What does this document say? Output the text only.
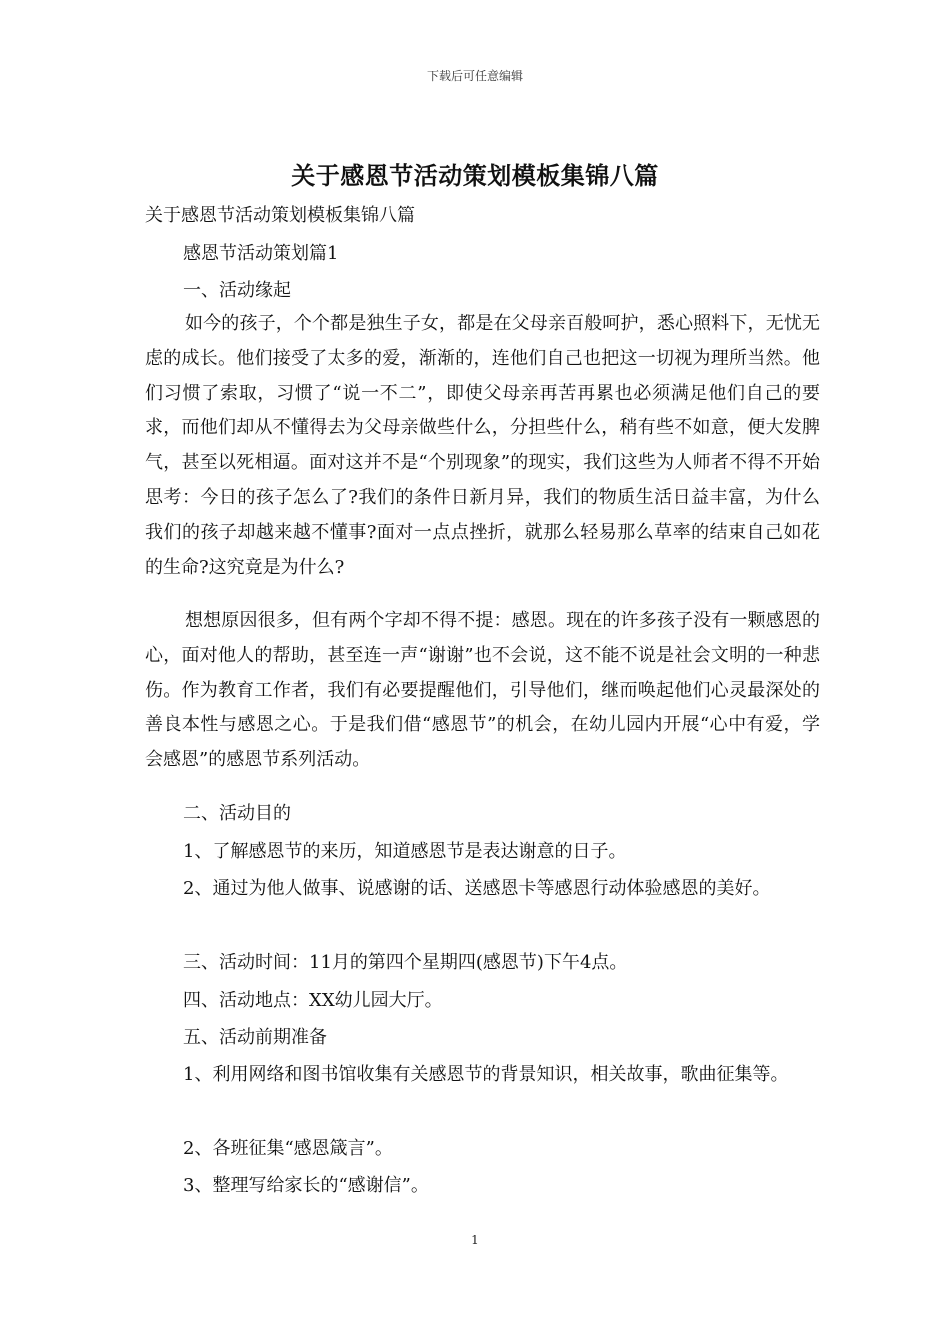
下载后可任意编辑
关于感恩节活动策划模板集锦八篇
关于感恩节活动策划模板集锦八篇
感恩节活动策划篇1
一、活动缘起

如今的孩子，个个都是独生子女，都是在父母亲百般呵护，悉心照料下，无忧无虑的成长。他们接受了太多的爱，渐渐的，连他们自己也把这一切视为理所当然。他们习惯了索取，习惯了“说一不二”，即使父母亲再苦再累也必须满足他们自己的要求，而他们却从不懂得去为父母亲做些什么，分担些什么，稍有些不如意，便大发脾气，甚至以死相逼。面对这并不是“个别现象”的现实，我们这些为人师者不得不开始思考：今日的孩子怎么了?我们的条件日新月异，我们的物质生活日益丰富，为什么我们的孩子却越来越不懂事?面对一点点挫折，就那么轻易那么草率的结束自己如花的生命?这究竟是为什么?

想想原因很多，但有两个字却不得不提：感恩。现在的许多孩子没有一颗感恩的心，面对他人的帮助，甚至连一声“谢谢”也不会说，这不能不说是社会文明的一种悲伤。作为教育工作者，我们有必要提醒他们，引导他们，继而唤起他们心灵最深处的善良本性与感恩之心。于是我们借“感恩节”的机会，在幼儿园内开展“心中有爱，学会感恩”的感恩节系列活动。

二、活动目的
1、了解感恩节的来历，知道感恩节是表达谢意的日子。
2、通过为他人做事、说感谢的话、送感恩卡等感恩行动体验感恩的美好。
三、活动时间：11月的第四个星期四(感恩节)下午4点。
四、活动地点：XX幼儿园大厅。
五、活动前期准备
1、利用网络和图书馆收集有关感恩节的背景知识，相关故事，歌曲征集等。
2、各班征集“感恩箴言”。
3、整理写给家长的“感谢信”。
1
